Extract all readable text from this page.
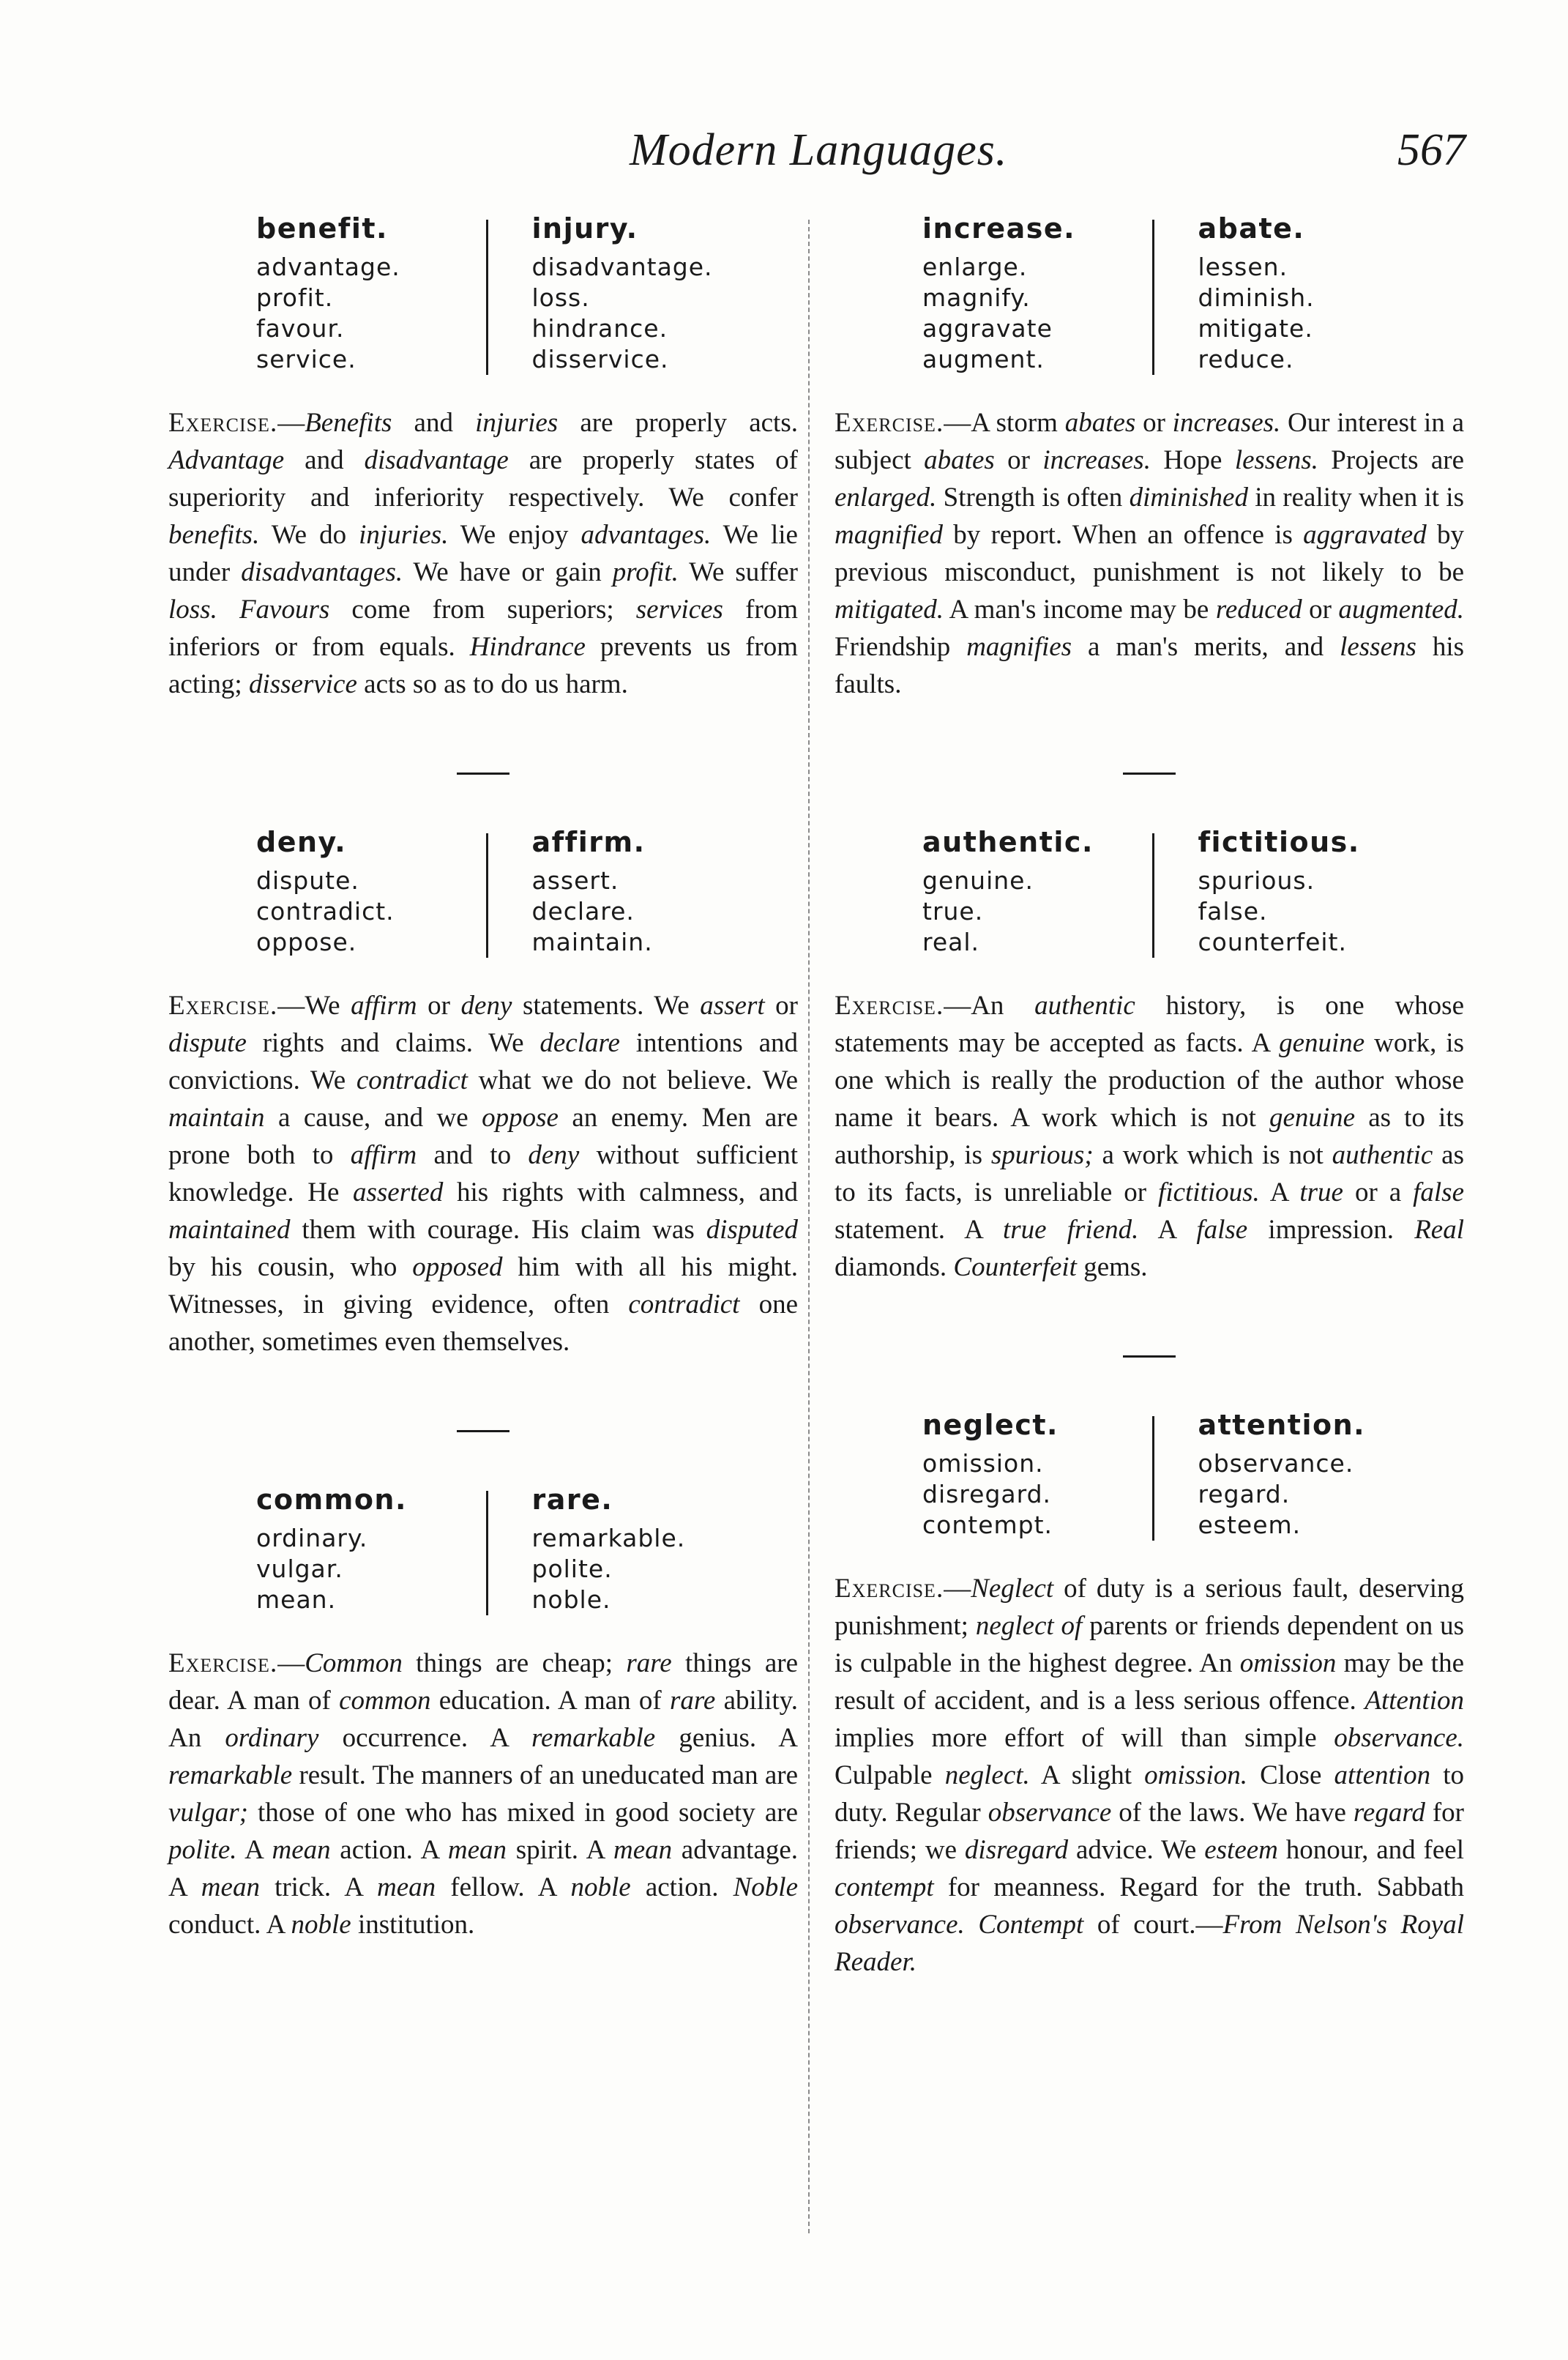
Modern Languages.	567
benefit.
advantage.
profit.
favour.
service.
injury.
disadvantage.
loss.
hindrance.
disservice.

Exercise.—Benefits and injuries are properly acts. Advantage and disadvantage are properly states of superiority and inferiority respectively. We confer benefits. We do injuries. We enjoy advantages. We lie under disadvantages. We have or gain profit. We suffer loss. Favours come from superiors; services from inferiors or from equals. Hindrance prevents us from acting; disservice acts so as to do us harm.

deny.
dispute.
contradict.
oppose.
affirm.
assert.
declare.
maintain.

Exercise.—We affirm or deny statements. We assert or dispute rights and claims. We declare intentions and convictions. We contradict what we do not believe. We maintain a cause, and we oppose an enemy. Men are prone both to affirm and to deny without sufficient knowledge. He asserted his rights with calmness, and maintained them with courage. His claim was disputed by his cousin, who opposed him with all his might. Witnesses, in giving evidence, often contradict one another, sometimes even themselves.

common.
ordinary.
vulgar.
mean.
rare.
remarkable.
polite.
noble.

Exercise.—Common things are cheap; rare things are dear. A man of common education. A man of rare ability. An ordinary occurrence. A remarkable genius. A remarkable result. The manners of an uneducated man are vulgar; those of one who has mixed in good society are polite. A mean action. A mean spirit. A mean advantage. A mean trick. A mean fellow. A noble action. Noble conduct. A noble institution.

increase.
enlarge.
magnify.
aggravate
augment.
abate.
lessen.
diminish.
mitigate.
reduce.

Exercise.—A storm abates or increases. Our interest in a subject abates or increases. Hope lessens. Projects are enlarged. Strength is often diminished in reality when it is magnified by report. When an offence is aggravated by previous misconduct, punishment is not likely to be mitigated. A man's income may be reduced or augmented. Friendship magnifies a man's merits, and lessens his faults.

authentic.
genuine.
true.
real.
fictitious.
spurious.
false.
counterfeit.

Exercise.—An authentic history, is one whose statements may be accepted as facts. A genuine work, is one which is really the production of the author whose name it bears. A work which is not genuine as to its authorship, is spurious; a work which is not authentic as to its facts, is unreliable or fictitious. A true or a false statement. A true friend. A false impression. Real diamonds. Counterfeit gems.

neglect.
omission.
disregard.
contempt.
attention.
observance.
regard.
esteem.

Exercise.—Neglect of duty is a serious fault, deserving punishment; neglect of parents or friends dependent on us is culpable in the highest degree. An omission may be the result of accident, and is a less serious offence. Attention implies more effort of will than simple observance. Culpable neglect. A slight omission. Close attention to duty. Regular observance of the laws. We have regard for friends; we disregard advice. We esteem honour, and feel contempt for meanness. Regard for the truth. Sabbath observance. Contempt of court.—From Nelson's Royal Reader.
